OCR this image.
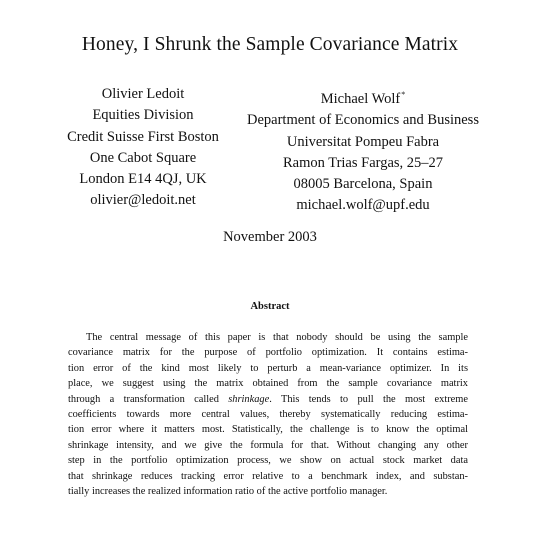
Honey, I Shrunk the Sample Covariance Matrix
Olivier Ledoit
Equities Division
Credit Suisse First Boston
One Cabot Square
London E14 4QJ, UK
olivier@ledoit.net
Michael Wolf*
Department of Economics and Business
Universitat Pompeu Fabra
Ramon Trias Fargas, 25–27
08005 Barcelona, Spain
michael.wolf@upf.edu
November 2003
Abstract
The central message of this paper is that nobody should be using the sample
covariance matrix for the purpose of portfolio optimization. It contains estima-
tion error of the kind most likely to perturb a mean-variance optimizer. In its
place, we suggest using the matrix obtained from the sample covariance matrix
through a transformation called shrinkage. This tends to pull the most extreme
coefficients towards more central values, thereby systematically reducing estima-
tion error where it matters most. Statistically, the challenge is to know the optimal
shrinkage intensity, and we give the formula for that. Without changing any other
step in the portfolio optimization process, we show on actual stock market data
that shrinkage reduces tracking error relative to a benchmark index, and substan-
tially increases the realized information ratio of the active portfolio manager.
